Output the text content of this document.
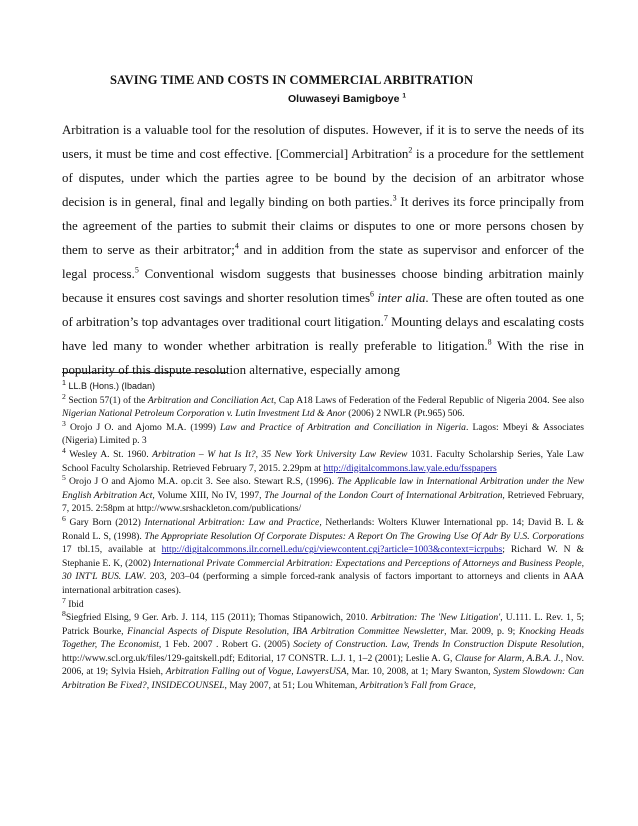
SAVING TIME AND COSTS IN COMMERCIAL ARBITRATION
Oluwaseyi Bamigboye $^1$

Arbitration is a valuable tool for the resolution of disputes. However, if it is to serve the needs of its users, it must be time and cost effective. [Commercial] Arbitration$^2$ is a procedure for the settlement of disputes, under which the parties agree to be bound by the decision of an arbitrator whose decision is in general, final and legally binding on both parties.$^3$ It derives its force principally from the agreement of the parties to submit their claims or disputes to one or more persons chosen by them to serve as their arbitrator;$^4$ and in addition from the state as supervisor and enforcer of the legal process.$^5$ Conventional wisdom suggests that businesses choose binding arbitration mainly because it ensures cost savings and shorter resolution times$^6$ inter alia. These are often touted as one of arbitration’s top advantages over traditional court litigation.$^7$ Mounting delays and escalating costs have led many to wonder whether arbitration is really preferable to litigation.$^8$ With the rise in popularity of this dispute resolution alternative, especially among

$^1$ LL.B (Hons.) (Ibadan)

$^2$ Section 57(1) of the Arbitration and Conciliation Act, Cap A18 Laws of Federation of the Federal Republic of Nigeria 2004. See also Nigerian National Petroleum Corporation v. Lutin Investment Ltd & Anor (2006) 2 NWLR (Pt.965) 506.

$^3$ Orojo J O. and Ajomo M.A. (1999) Law and Practice of Arbitration and Conciliation in Nigeria. Lagos: Mbeyi & Associates (Nigeria) Limited p. 3

$^4$ Wesley A. St. 1960. Arbitration – W hat Is It?, 35 New York University Law Review 1031. Faculty Scholarship Series, Yale Law School Faculty Scholarship. Retrieved February 7, 2015. 2.29pm at http://digitalcommons.law.yale.edu/fsspapers

$^5$ Orojo J O and Ajomo M.A. op.cit 3. See also. Stewart R.S, (1996). The Applicable law in International Arbitration under the New English Arbitration Act, Volume XIII, No IV, 1997, The Journal of the London Court of International Arbitration, Retrieved February, 7, 2015. 2:58pm at http://www.srshackleton.com/publications/

$^6$ Gary Born (2012) International Arbitration: Law and Practice, Netherlands: Wolters Kluwer International pp. 14; David B. L & Ronald L. S, (1998). The Appropriate Resolution Of Corporate Disputes: A Report On The Growing Use Of Adr By U.S. Corporations 17 tbl.15, available at http://digitalcommons.ilr.cornell.edu/cgi/viewcontent.cgi?article=1003&context=icrpubs; Richard W. N & Stephanie E. K, (2002) International Private Commercial Arbitration: Expectations and Perceptions of Attorneys and Business People, 30 INT'L BUS. LAW. 203, 203–04 (performing a simple forced-rank analysis of factors important to attorneys and clients in AAA international arbitration cases).

$^7$ Ibid

$^8$Siegfried Elsing, 9 Ger. Arb. J. 114, 115 (2011); Thomas Stipanowich, 2010. Arbitration: The 'New Litigation', U.111. L. Rev. 1, 5; Patrick Bourke, Financial Aspects of Dispute Resolution, IBA Arbitration Committee Newsletter, Mar. 2009, p. 9; Knocking Heads Together, The Economist, 1 Feb. 2007 . Robert G. (2005) Society of Construction. Law, Trends In Construction Dispute Resolution, http://www.scl.org.uk/files/129-gaitskell.pdf; Editorial, 17 CONSTR. L.J. 1, 1–2 (2001); Leslie A. G, Clause for Alarm, A.B.A. J., Nov. 2006, at 19; Sylvia Hsieh, Arbitration Falling out of Vogue, LawyersUSA, Mar. 10, 2008, at 1; Mary Swanton, System Slowdown: Can Arbitration Be Fixed?, INSIDECOUNSEL, May 2007, at 51; Lou Whiteman, Arbitration’s Fall from Grace,
